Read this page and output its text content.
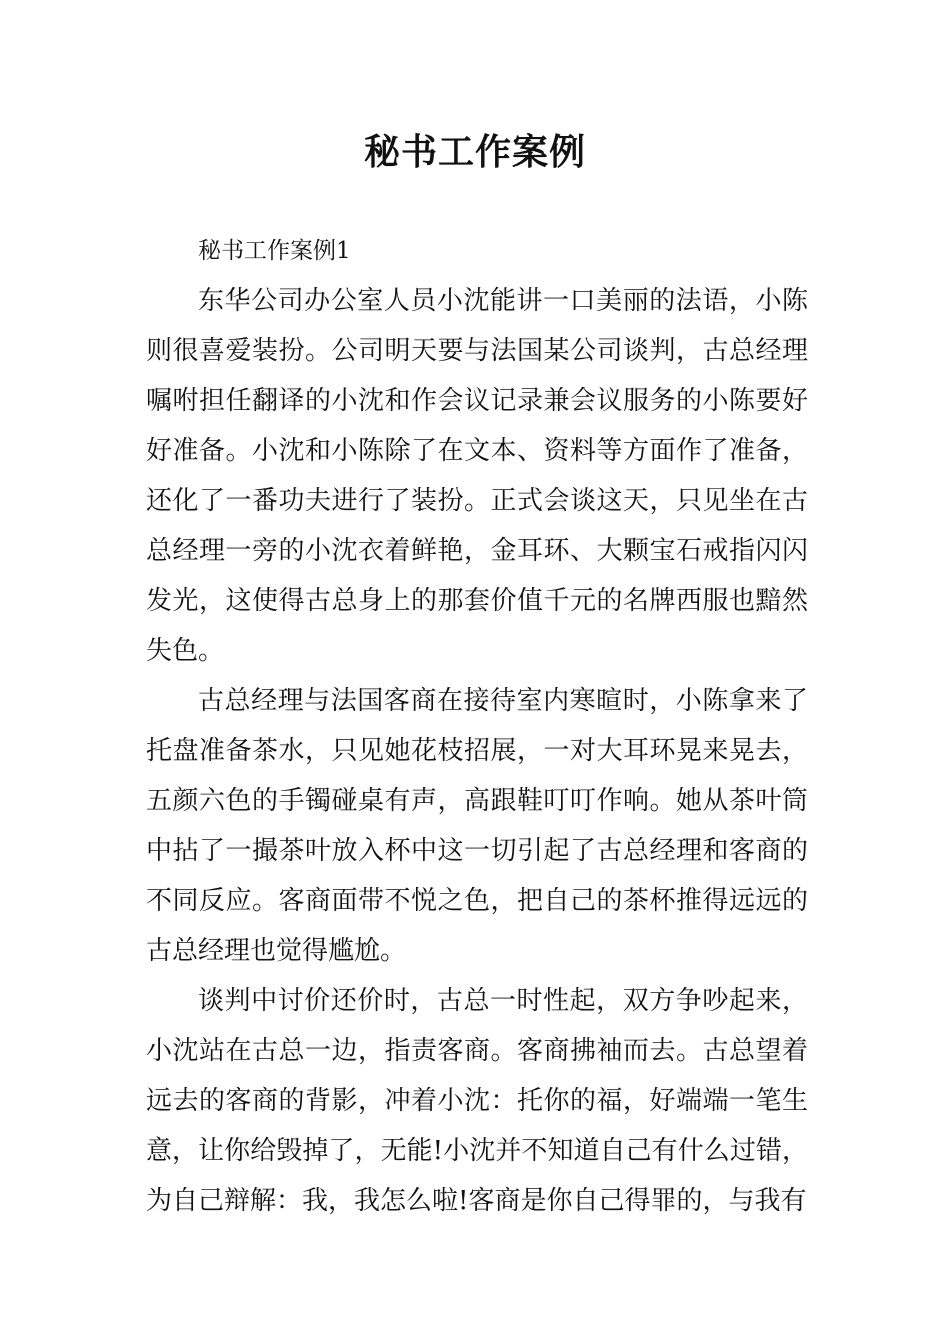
秘书工作案例

秘书工作案例1

东华公司办公室人员小沈能讲一口美丽的法语，小陈则很喜爱装扮。公司明天要与法国某公司谈判，古总经理嘱咐担任翻译的小沈和作会议记录兼会议服务的小陈要好好准备。小沈和小陈除了在文本、资料等方面作了准备，还化了一番功夫进行了装扮。正式会谈这天，只见坐在古总经理一旁的小沈衣着鲜艳，金耳环、大颗宝石戒指闪闪发光，这使得古总身上的那套价值千元的名牌西服也黯然失色。

古总经理与法国客商在接待室内寒暄时，小陈拿来了托盘准备茶水，只见她花枝招展，一对大耳环晃来晃去，五颜六色的手镯碰桌有声，高跟鞋叮叮作响。她从茶叶筒中拈了一撮茶叶放入杯中这一切引起了古总经理和客商的不同反应。客商面带不悦之色，把自己的茶杯推得远远的古总经理也觉得尴尬。

谈判中讨价还价时，古总一时性起，双方争吵起来，小沈站在古总一边，指责客商。客商拂袖而去。古总望着远去的客商的背影，冲着小沈：托你的福，好端端一笔生意，让你给毁掉了，无能!小沈并不知道自己有什么过错，为自己辩解：我，我怎么啦!客商是你自己得罪的，与我有
